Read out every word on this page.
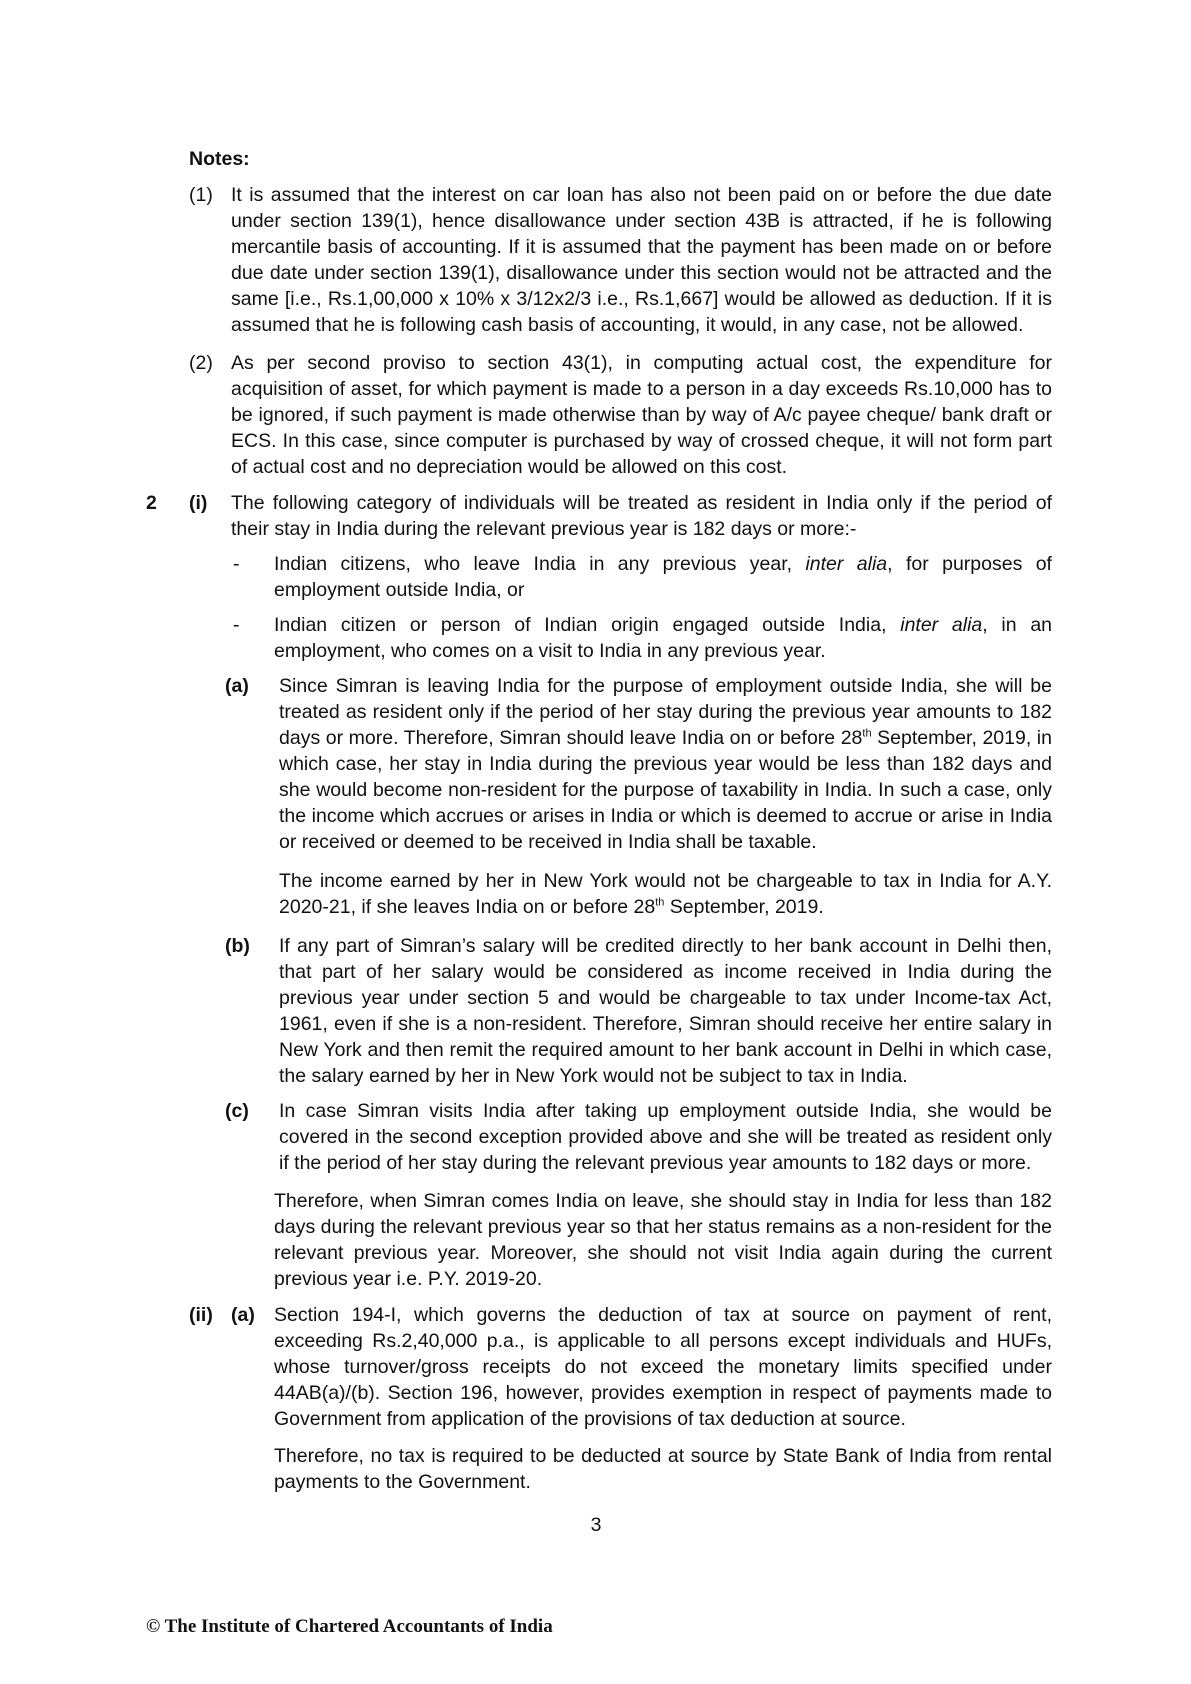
Notes:
(1) It is assumed that the interest on car loan has also not been paid on or before the due date under section 139(1), hence disallowance under section 43B is attracted, if he is following mercantile basis of accounting. If it is assumed that the payment has been made on or before due date under section 139(1), disallowance under this section would not be attracted and the same [i.e., Rs.1,00,000 x 10% x 3/12x2/3 i.e., Rs.1,667] would be allowed as deduction. If it is assumed that he is following cash basis of accounting, it would, in any case, not be allowed.
(2) As per second proviso to section 43(1), in computing actual cost, the expenditure for acquisition of asset, for which payment is made to a person in a day exceeds Rs.10,000 has to be ignored, if such payment is made otherwise than by way of A/c payee cheque/ bank draft or ECS. In this case, since computer is purchased by way of crossed cheque, it will not form part of actual cost and no depreciation would be allowed on this cost.
2 (i) The following category of individuals will be treated as resident in India only if the period of their stay in India during the relevant previous year is 182 days or more:-
- Indian citizens, who leave India in any previous year, inter alia, for purposes of employment outside India, or
- Indian citizen or person of Indian origin engaged outside India, inter alia, in an employment, who comes on a visit to India in any previous year.
(a) Since Simran is leaving India for the purpose of employment outside India, she will be treated as resident only if the period of her stay during the previous year amounts to 182 days or more. Therefore, Simran should leave India on or before 28th September, 2019, in which case, her stay in India during the previous year would be less than 182 days and she would become non-resident for the purpose of taxability in India. In such a case, only the income which accrues or arises in India or which is deemed to accrue or arise in India or received or deemed to be received in India shall be taxable.
The income earned by her in New York would not be chargeable to tax in India for A.Y. 2020-21, if she leaves India on or before 28th September, 2019.
(b) If any part of Simran’s salary will be credited directly to her bank account in Delhi then, that part of her salary would be considered as income received in India during the previous year under section 5 and would be chargeable to tax under Income-tax Act, 1961, even if she is a non-resident. Therefore, Simran should receive her entire salary in New York and then remit the required amount to her bank account in Delhi in which case, the salary earned by her in New York would not be subject to tax in India.
(c) In case Simran visits India after taking up employment outside India, she would be covered in the second exception provided above and she will be treated as resident only if the period of her stay during the relevant previous year amounts to 182 days or more.
Therefore, when Simran comes India on leave, she should stay in India for less than 182 days during the relevant previous year so that her status remains as a non-resident for the relevant previous year. Moreover, she should not visit India again during the current previous year i.e. P.Y. 2019-20.
(ii) (a) Section 194-I, which governs the deduction of tax at source on payment of rent, exceeding Rs.2,40,000 p.a., is applicable to all persons except individuals and HUFs, whose turnover/gross receipts do not exceed the monetary limits specified under 44AB(a)/(b). Section 196, however, provides exemption in respect of payments made to Government from application of the provisions of tax deduction at source.
Therefore, no tax is required to be deducted at source by State Bank of India from rental payments to the Government.
3
© The Institute of Chartered Accountants of India
